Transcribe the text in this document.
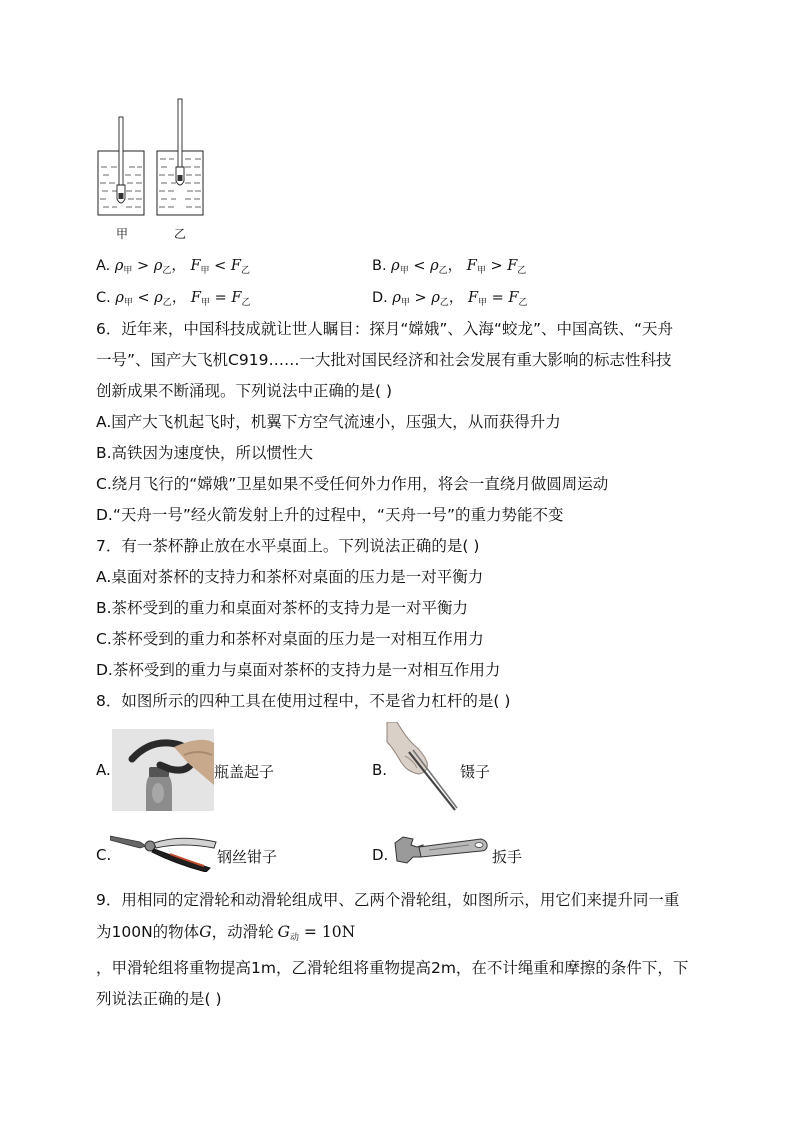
甲	乙
A. $\rho_甲 > \rho_乙$， $F_甲 < F_乙$	B. $\rho_甲 < \rho_乙$， $F_甲 > F_乙$
C. $\rho_甲 < \rho_乙$， $F_甲 = F_乙$	D. $\rho_甲 > \rho_乙$， $F_甲 = F_乙$
6．近年来，中国科技成就让世人瞩目：探月“嫦娥”、入海“蛟龙”、中国高铁、“天舟
一号”、国产大飞机C919……一大批对国民经济和社会发展有重大影响的标志性科技
创新成果不断涌现。下列说法中正确的是( )
A.国产大飞机起飞时，机翼下方空气流速小，压强大，从而获得升力
B.高铁因为速度快，所以惯性大
C.绕月飞行的“嫦娥”卫星如果不受任何外力作用，将会一直绕月做圆周运动
D.“天舟一号”经火箭发射上升的过程中，“天舟一号”的重力势能不变
7．有一茶杯静止放在水平桌面上。下列说法正确的是( )
A.桌面对茶杯的支持力和茶杯对桌面的压力是一对平衡力
B.茶杯受到的重力和桌面对茶杯的支持力是一对平衡力
C.茶杯受到的重力和茶杯对桌面的压力是一对相互作用力
D.茶杯受到的重力与桌面对茶杯的支持力是一对相互作用力
8．如图所示的四种工具在使用过程中，不是省力杠杆的是( )
A.	瓶盖起子	B.	镊子
C.	钢丝钳子	D.	扳手
9．用相同的定滑轮和动滑轮组成甲、乙两个滑轮组，如图所示，用它们来提升同一重
为100N的物体G，动滑轮 $G_动 = 10N$
，甲滑轮组将重物提高1m，乙滑轮组将重物提高2m，在不计绳重和摩擦的条件下，下
列说法正确的是( )
